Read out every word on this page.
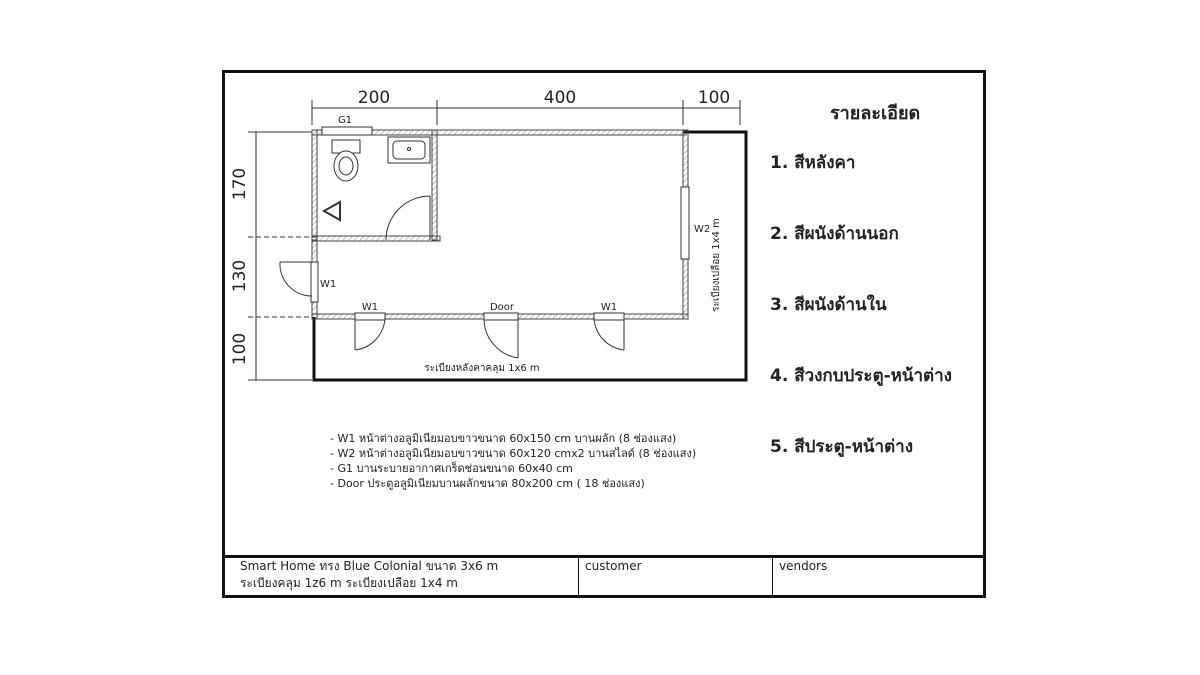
200	400	100
170
130
100
G1
W1
W2
W1	Door	W1
ระเบียงหลังคาคลุม 1x6 m
ระเบียงเปลือย 1x4 m
รายละเอียด
1. สีหลังคา
2. สีผนังด้านนอก
3. สีผนังด้านใน
4. สีวงกบประตู-หน้าต่าง
5. สีประตู-หน้าต่าง
- W1 หน้าต่างอลูมิเนียมอบขาวขนาด 60x150 cm บานผลัก (8 ช่องแสง)
- W2 หน้าต่างอลูมิเนียมอบขาวขนาด 60x120 cmx2 บานสไลด์ (8 ช่องแสง)
- G1 บานระบายอากาศเกร็ดช่อนขนาด 60x40 cm
- Door ประตูอลูมิเนียมบานผลักขนาด 80x200 cm ( 18 ช่องแสง)
Smart Home ทรง Blue Colonial ขนาด 3x6 m
ระเบียงคลุม 1z6 m ระเบียงเปลือย 1x4 m
customer	vendors
